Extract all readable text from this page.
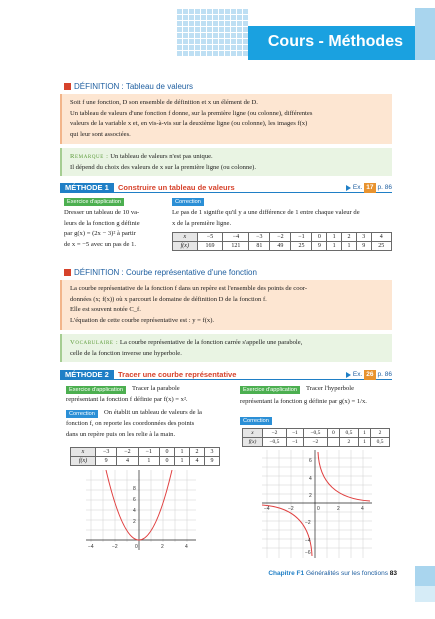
Cours - Méthodes
DÉFINITION : Tableau de valeurs
Soit f une fonction, D son ensemble de définition et x un élément de D.
Un tableau de valeurs d'une fonction f donne, sur la première ligne (ou colonne), différentes
valeurs de la variable x et, en vis-à-vis sur la deuxième ligne (ou colonne), les images f(x)
qui leur sont associées.
Remarque : Un tableau de valeurs n'est pas unique.
Il dépend du choix des valeurs de x sur la première ligne (ou colonne).
MÉTHODE 1	Construire un tableau de valeurs	Ex. 17 p. 86
Exercice d'application
Dresser un tableau de 10 va-
leurs de la fonction g définie
par g(x) = (2x − 3)² à partir
de x = −5 avec un pas de 1.
Correction
Le pas de 1 signifie qu'il y a une différence de 1 entre chaque valeur de
x de la première ligne.
x	−5	−4	−3	−2	−1	0	1	2	3	4
f(x)	169	121	81	49	25	9	1	1	9	25
DÉFINITION : Courbe représentative d'une fonction
La courbe représentative de la fonction f dans un repère est l'ensemble des points de coor-
données (x; f(x)) où x parcourt le domaine de définition D de la fonction f.
Elle est souvent notée C_f.
L'équation de cette courbe représentative est : y = f(x).
Vocabulaire : La courbe représentative de la fonction carrée s'appelle une parabole,
celle de la fonction inverse une hyperbole.
MÉTHODE 2	Tracer une courbe représentative	Ex. 26 p. 86
Exercice d'application	Tracer la parabole
représentant la fonction f définie par f(x) = x².
Correction	On établit un tableau de valeurs de la
fonction f, on reporte les coordonnées des points
dans un repère puis on les relie à la main.
x	−3	−2	−1	0	1	2	3
f(x)	9	4	1	0	1	4	9
8
6
4
2
−4	−2	0	2	4
Exercice d'application	Tracer l'hyperbole
représentant la fonction g définie par g(x) = 1/x.
Correction
x	−2	−1	−0,5	0	0,5	1	2
f(x)	−0,5	−1	−2		2	1	0,5
6
4
2
−2
−4
−6
−4	−2	0	2	4
Chapitre F1 Généralités sur les fonctions 83
